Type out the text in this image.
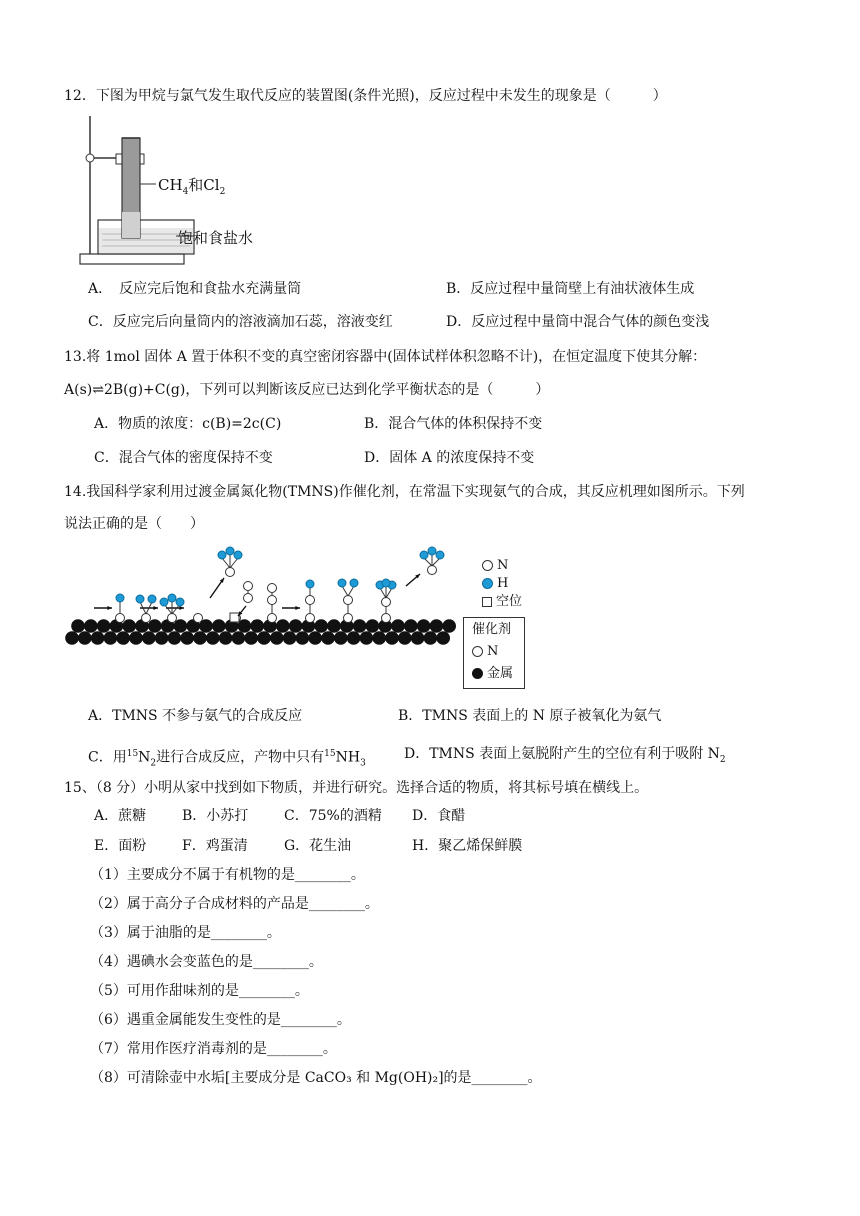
12．下图为甲烷与氯气发生取代反应的装置图(条件光照)，反应过程中未发生的现象是（　　　）
$CH_4$和$Cl_2$
饱和食盐水
A．　反应完后饱和食盐水充满量筒	B．反应过程中量筒壁上有油状液体生成
C．反应完后向量筒内的溶液滴加石蕊，溶液变红	D．反应过程中量筒中混合气体的颜色变浅
13.将 1mol 固体 A 置于体积不变的真空密闭容器中(固体试样体积忽略不计)，在恒定温度下使其分解：
A(s)⇌2B(g)+C(g)，下列可以判断该反应已达到化学平衡状态的是（　　　）
A．物质的浓度：c(B)=2c(C)	B．混合气体的体积保持不变
C．混合气体的密度保持不变	D．固体 A 的浓度保持不变
14.我国科学家利用过渡金属氮化物(TMNS)作催化剂，在常温下实现氨气的合成，其反应机理如图所示。下列
说法正确的是（　　）
N
H
空位
催化剂
N
金属
A．TMNS 不参与氨气的合成反应	B．TMNS 表面上的 N 原子被氧化为氨气
C．用$^{15}N_2$进行合成反应，产物中只有$^{15}NH_3$
D．TMNS 表面上氨脱附产生的空位有利于吸附 $N_2$
15、（8 分）小明从家中找到如下物质，并进行研究。选择合适的物质，将其标号填在横线上。
A．蔗糖	B．小苏打	C．75%的酒精 D．食醋
E．面粉	F．鸡蛋清	G．花生油	H．聚乙烯保鲜膜
（1）主要成分不属于有机物的是________。
（2）属于高分子合成材料的产品是________。
（3）属于油脂的是________。
（4）遇碘水会变蓝色的是________。
（5）可用作甜味剂的是________。
（6）遇重金属能发生变性的是________。
（7）常用作医疗消毒剂的是________。
（8）可清除壶中水垢[主要成分是 CaCO₃ 和 Mg(OH)₂]的是________。
